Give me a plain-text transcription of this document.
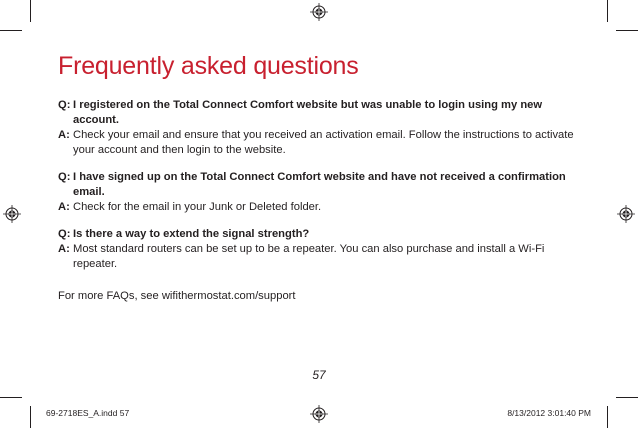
Frequently asked questions
Q: I registered on the Total Connect Comfort website but was unable to login using my new account.
A: Check your email and ensure that you received an activation email. Follow the instructions to activate your account and then login to the website.
Q: I have signed up on the Total Connect Comfort website and have not received a confirmation email.
A: Check for the email in your Junk or Deleted folder.
Q: Is there a way to extend the signal strength?
A: Most standard routers can be set up to be a repeater. You can also purchase and install a Wi-Fi repeater.
For more FAQs, see wifithermostat.com/support
57
69-2718ES_A.indd 57	8/13/2012 3:01:40 PM
